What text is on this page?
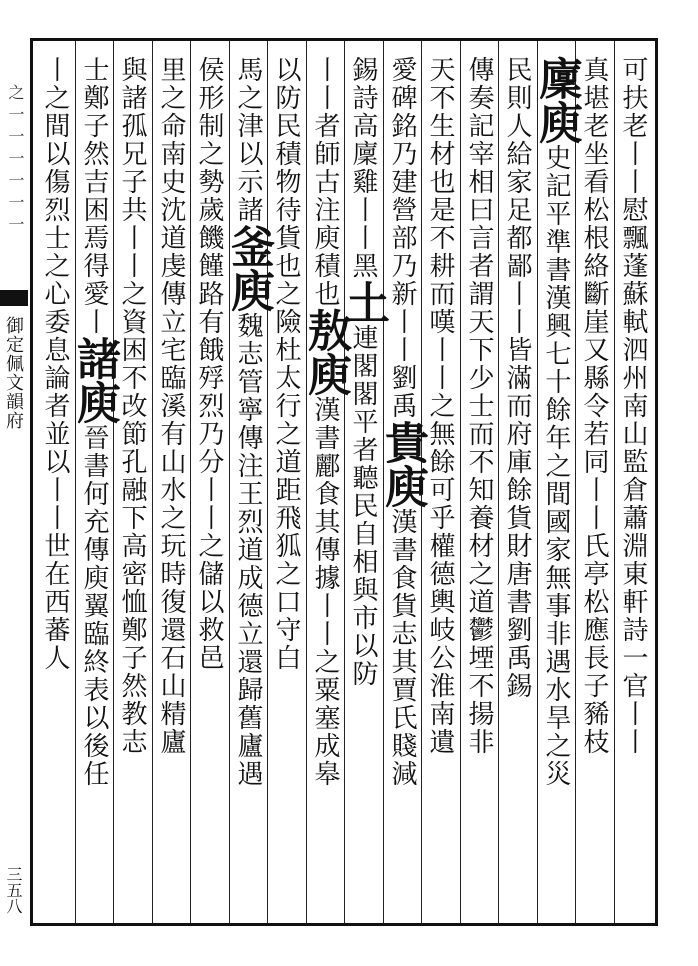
之一一一一一一
御定佩文韻府
三五八
可扶老丨丨慰飄蓬蘇軾泗州南山監倉蕭淵東軒詩一官丨丨
真堪老坐看松根絡斷崖又縣令若同丨丨氏亭松應長子豨枝
廩庾史記平準書漢興七十餘年之間國家無事非遇水旱之災
民則人給家足都鄙丨丨皆滿而府庫餘貨財唐書劉禹錫
傳奏記宰相曰言者謂天下少士而不知養材之道鬱堙不揚非
天不生材也是不耕而嘆丨丨之無餘可乎權德輿岐公淮南遺
愛碑銘乃建營部乃新丨丨劉禹貴庾漢書食貨志其賈氏賤減
錫詩高廩雞丨丨黑土連閣閣平者聽民自相與市以防
丨丨者師古注庾積也敖庾漢書酈食其傳據丨丨之粟塞成皋
以防民積物待貨也之險杜太行之道距飛狐之口守白
馬之津以示諸釜庾魏志管寧傳注王烈道成德立還歸舊廬遇
侯形制之勢歲饑饉路有餓殍烈乃分丨丨之儲以救邑
里之命南史沈道虔傳立宅臨溪有山水之玩時復還石山精廬
與諸孤兄子共丨丨之資困不改節孔融下高密恤鄭子然教志
士鄭子然吉困焉得愛丨諸庾晉書何充傳庾翼臨終表以後任
丨之間以傷烈士之心委息論者並以丨丨世在西蕃人
